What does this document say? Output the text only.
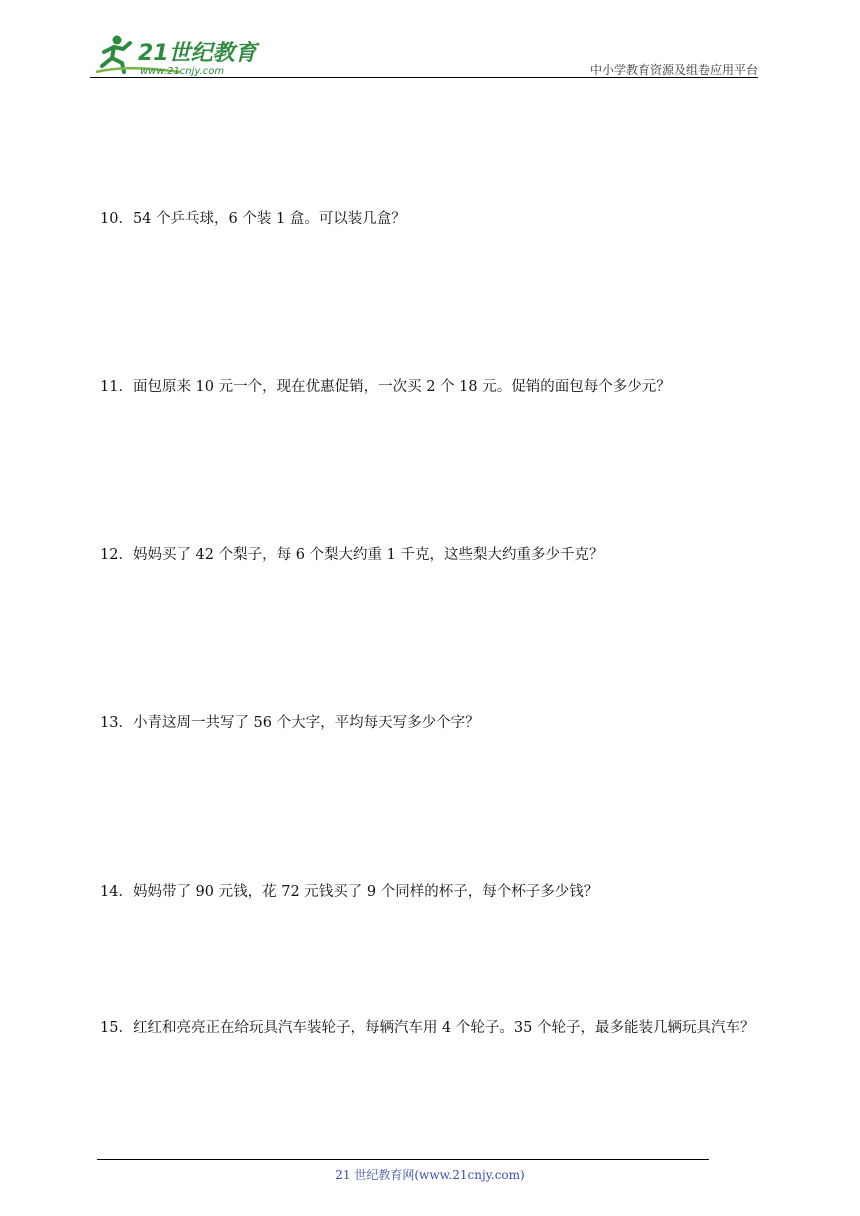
21世纪教育
www.21cnjy.com	中小学教育资源及组卷应用平台
10．54 个乒乓球，6 个装 1 盒。可以装几盒？
11．面包原来 10 元一个，现在优惠促销，一次买 2 个 18 元。促销的面包每个多少元？
12．妈妈买了 42 个梨子，每 6 个梨大约重 1 千克，这些梨大约重多少千克？
13．小青这周一共写了 56 个大字，平均每天写多少个字？
14．妈妈带了 90 元钱，花 72 元钱买了 9 个同样的杯子，每个杯子多少钱？
15．红红和亮亮正在给玩具汽车装轮子，每辆汽车用 4 个轮子。35 个轮子，最多能装几辆玩具汽车？
21 世纪教育网(www.21cnjy.com)
